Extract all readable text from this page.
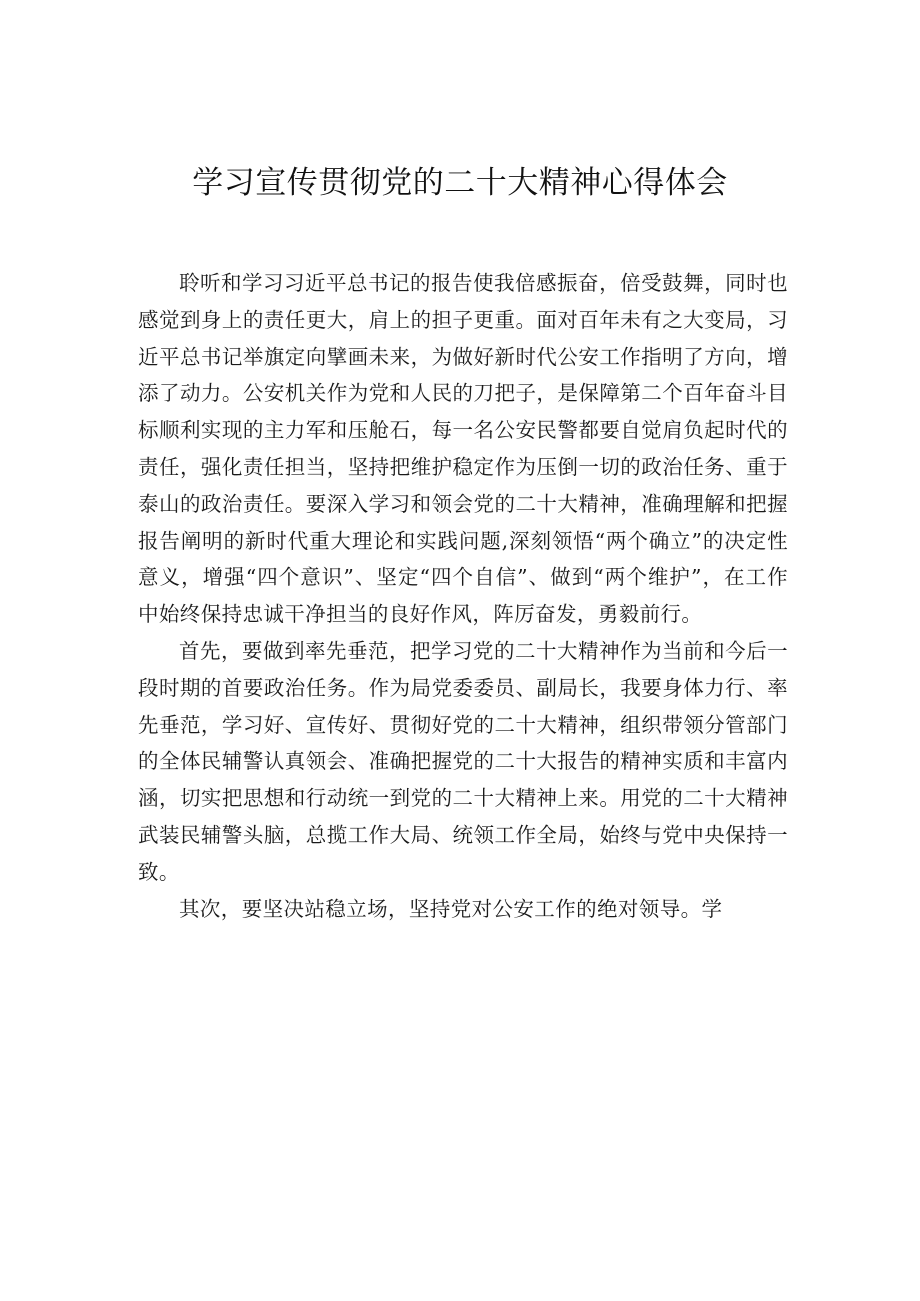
学习宣传贯彻党的二十大精神心得体会

聆听和学习习近平总书记的报告使我倍感振奋，倍受鼓舞，同时也感觉到身上的责任更大，肩上的担子更重。面对百年未有之大变局，习近平总书记举旗定向擘画未来，为做好新时代公安工作指明了方向，增添了动力。公安机关作为党和人民的刀把子，是保障第二个百年奋斗目标顺利实现的主力军和压舱石，每一名公安民警都要自觉肩负起时代的责任，强化责任担当，坚持把维护稳定作为压倒一切的政治任务、重于泰山的政治责任。要深入学习和领会党的二十大精神，准确理解和把握报告阐明的新时代重大理论和实践问题,深刻领悟“两个确立”的决定性意义，增强“四个意识”、坚定“四个自信”、做到“两个维护”，在工作中始终保持忠诚干净担当的良好作风，阵厉奋发，勇毅前行。

首先，要做到率先垂范，把学习党的二十大精神作为当前和今后一段时期的首要政治任务。作为局党委委员、副局长，我要身体力行、率先垂范，学习好、宣传好、贯彻好党的二十大精神，组织带领分管部门的全体民辅警认真领会、准确把握党的二十大报告的精神实质和丰富内涵，切实把思想和行动统一到党的二十大精神上来。用党的二十大精神武装民辅警头脑，总揽工作大局、统领工作全局，始终与党中央保持一致。

其次，要坚决站稳立场，坚持党对公安工作的绝对领导。学
